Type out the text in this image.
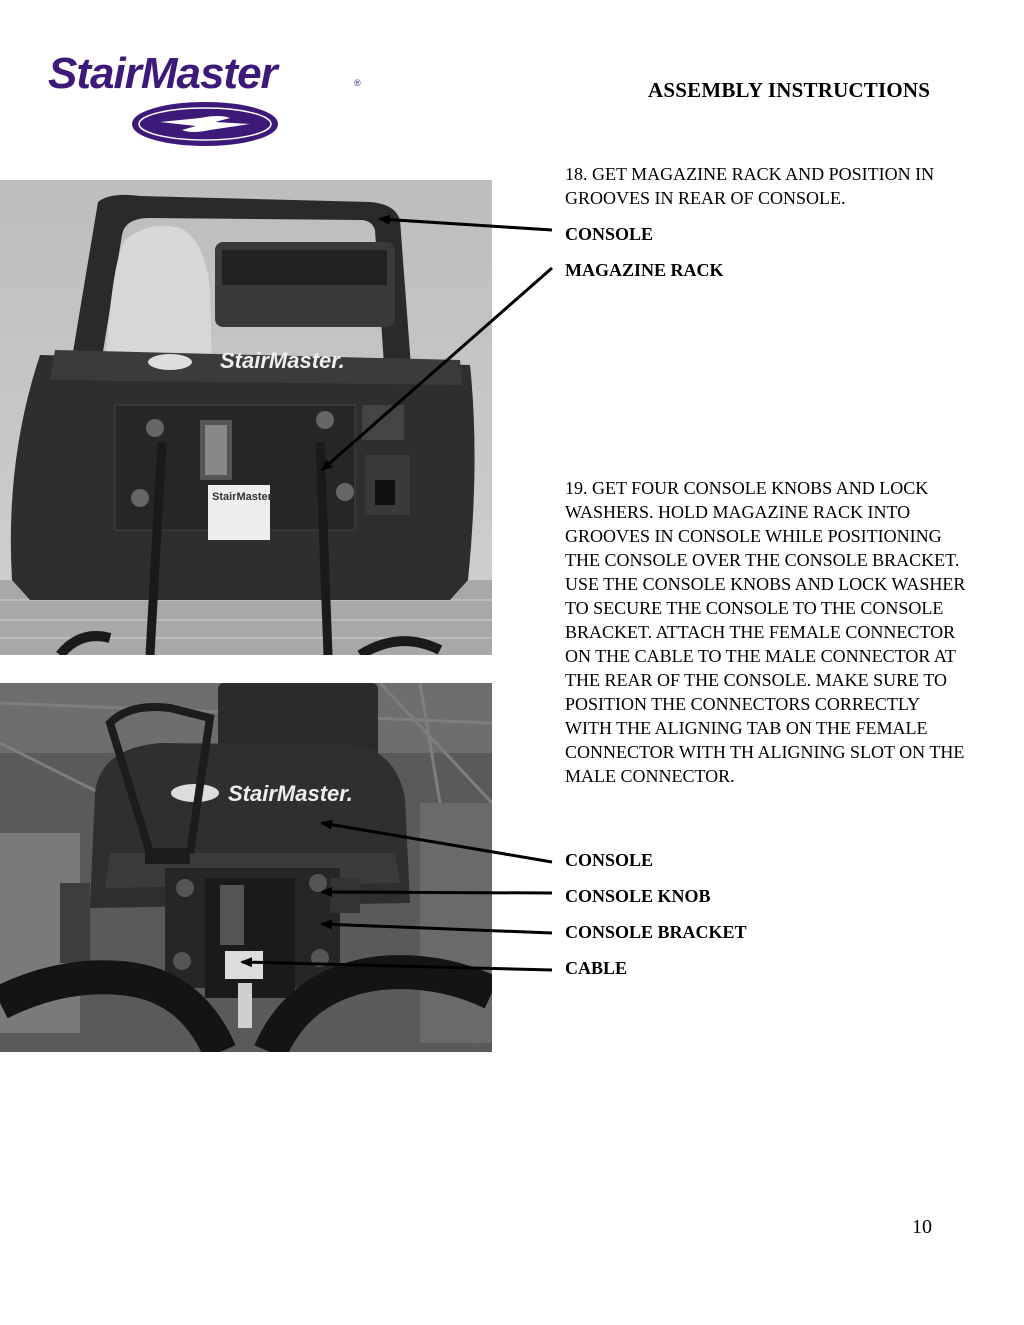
StairMaster	®	ASSEMBLY INSTRUCTIONS
StairMaster.
StairMaster
StairMaster.
18. GET MAGAZINE RACK AND POSITION IN GROOVES IN REAR OF CONSOLE.
CONSOLE
MAGAZINE RACK
19. GET FOUR CONSOLE KNOBS AND LOCK WASHERS. HOLD MAGAZINE RACK INTO GROOVES IN CONSOLE WHILE POSITIONING THE CONSOLE OVER THE CONSOLE BRACKET. USE THE CONSOLE KNOBS AND LOCK WASHER TO SECURE THE CONSOLE TO THE CONSOLE BRACKET. ATTACH THE FEMALE CONNECTOR ON THE CABLE TO THE MALE CONNECTOR AT THE REAR OF THE CONSOLE. MAKE SURE TO POSITION THE CONNECTORS CORRECTLY WITH THE ALIGNING TAB ON THE FEMALE CONNECTOR WITH TH ALIGNING SLOT ON THE MALE CONNECTOR.
CONSOLE
CONSOLE KNOB
CONSOLE BRACKET
CABLE
10
